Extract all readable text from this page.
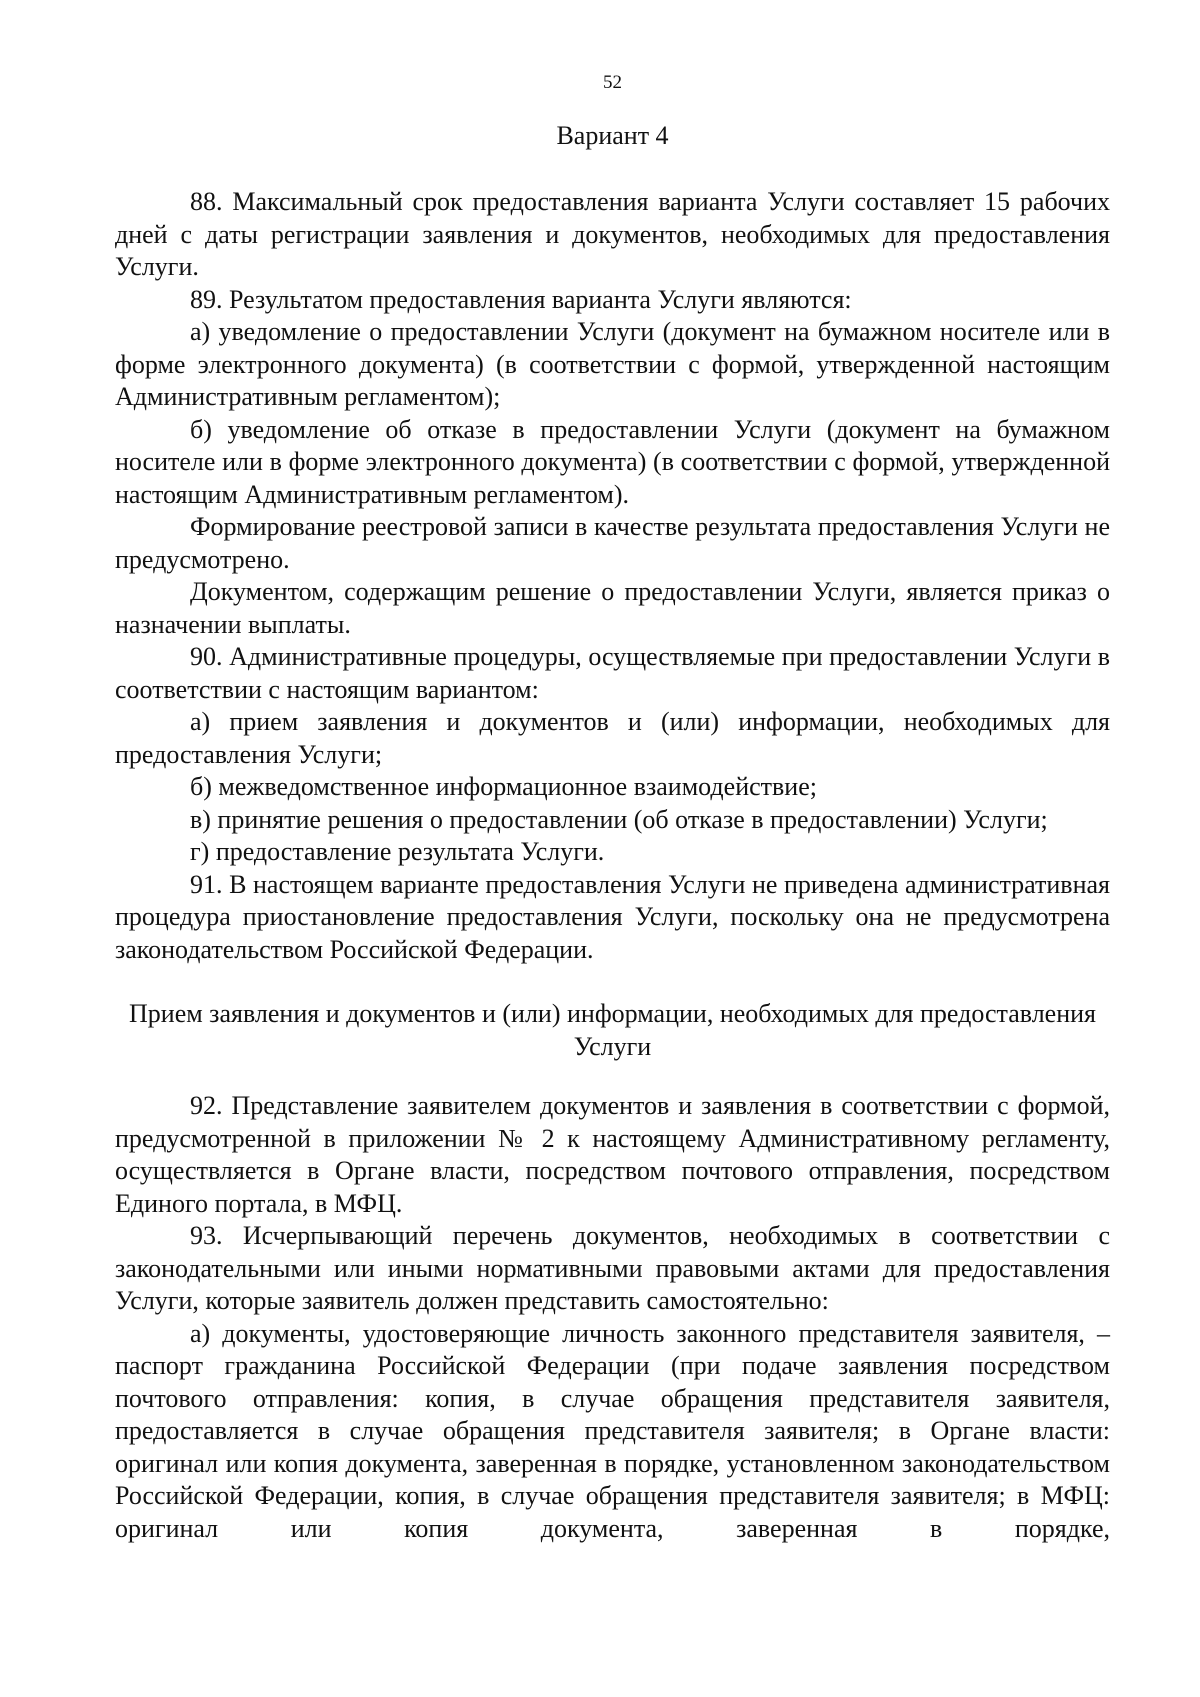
52
Вариант 4

88. Максимальный срок предоставления варианта Услуги составляет 15 рабочих дней с даты регистрации заявления и документов, необходимых для предоставления Услуги.

89. Результатом предоставления варианта Услуги являются:

а) уведомление о предоставлении Услуги (документ на бумажном носителе или в форме электронного документа) (в соответствии с формой, утвержденной настоящим Административным регламентом);

б) уведомление об отказе в предоставлении Услуги (документ на бумажном носителе или в форме электронного документа) (в соответствии с формой, утвержденной настоящим Административным регламентом).

Формирование реестровой записи в качестве результата предоставления Услуги не предусмотрено.

Документом, содержащим решение о предоставлении Услуги, является приказ о назначении выплаты.

90. Административные процедуры, осуществляемые при предоставлении Услуги в соответствии с настоящим вариантом:

а) прием заявления и документов и (или) информации, необходимых для предоставления Услуги;

б) межведомственное информационное взаимодействие;

в) принятие решения о предоставлении (об отказе в предоставлении) Услуги;

г) предоставление результата Услуги.

91. В настоящем варианте предоставления Услуги не приведена административная процедура приостановление предоставления Услуги, поскольку она не предусмотрена законодательством Российской Федерации.

Прием заявления и документов и (или) информации, необходимых для предоставления Услуги

92. Представление заявителем документов и заявления в соответствии с формой, предусмотренной в приложении № 2 к настоящему Административному регламенту, осуществляется в Органе власти, посредством почтового отправления, посредством Единого портала, в МФЦ.

93. Исчерпывающий перечень документов, необходимых в соответствии с законодательными или иными нормативными правовыми актами для предоставления Услуги, которые заявитель должен представить самостоятельно:

а) документы, удостоверяющие личность законного представителя заявителя, – паспорт гражданина Российской Федерации (при подаче заявления посредством почтового отправления: копия, в случае обращения представителя заявителя, предоставляется в случае обращения представителя заявителя; в Органе власти: оригинал или копия документа, заверенная в порядке, установленном законодательством Российской Федерации, копия, в случае обращения представителя заявителя; в МФЦ: оригинал или копия документа, заверенная в порядке,
